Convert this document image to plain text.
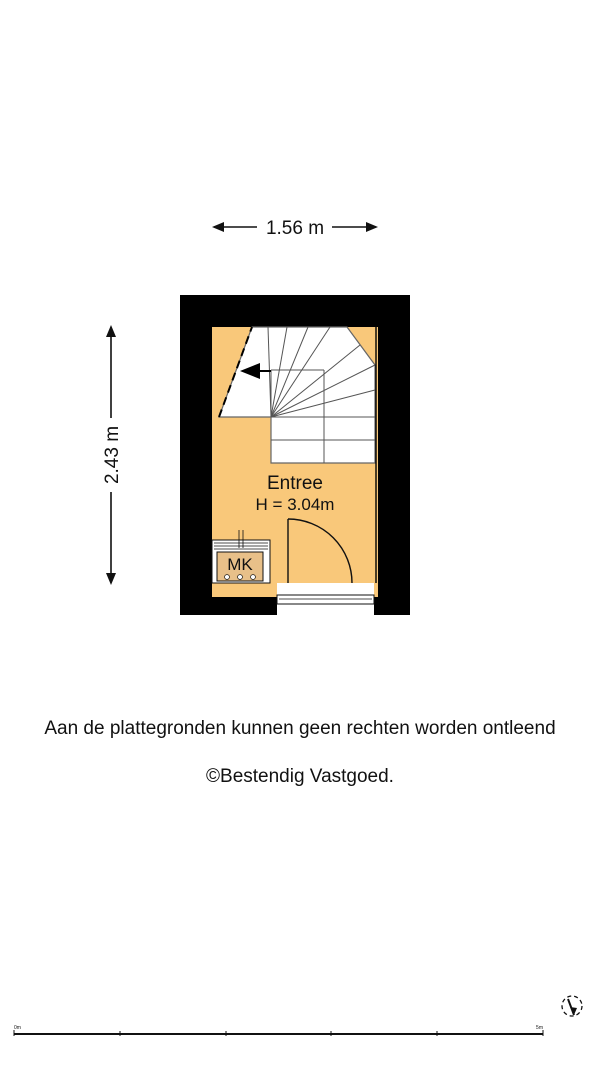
1.56 m
2.43 m
MK
Entree
H = 3.04m
0m	5m
Aan de plattegronden kunnen geen rechten worden ontleend
©Bestendig Vastgoed.
